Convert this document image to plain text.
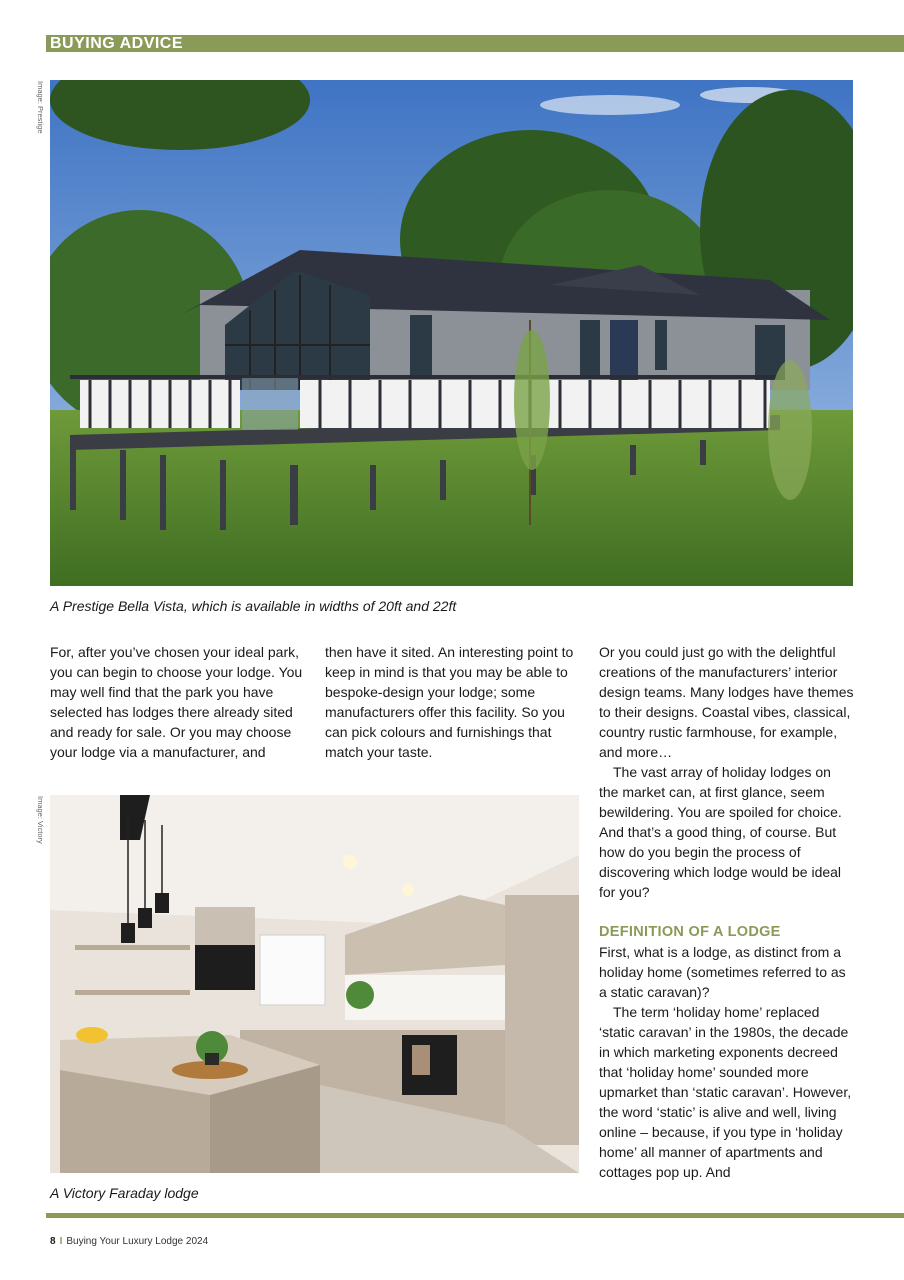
BUYING ADVICE
Image: Prestige
A Prestige Bella Vista, which is available in widths of 20ft and 22ft

For, after you’ve chosen your ideal park, you can begin to choose your lodge. You may well find that the park you have selected has lodges there already sited and ready for sale. Or you may choose your lodge via a manufacturer, and

then have it sited. An interesting point to keep in mind is that you may be able to bespoke-design your lodge; some manufacturers offer this facility. So you can pick colours and furnishings that match your taste.

Or you could just go with the delightful creations of the manufacturers’ interior design teams. Many lodges have themes to their designs. Coastal vibes, classical, country rustic farmhouse, for example, and more…

The vast array of holiday lodges on the market can, at first glance, seem bewildering. You are spoiled for choice. And that’s a good thing, of course. But how do you begin the process of discovering which lodge would be ideal for you?

DEFINITION OF A LODGE

First, what is a lodge, as distinct from a holiday home (sometimes referred to as a static caravan)?

The term ‘holiday home’ replaced ‘static caravan’ in the 1980s, the decade in which marketing exponents decreed that ‘holiday home’ sounded more upmarket than ‘static caravan’. However, the word ‘static’ is alive and well, living online – because, if you type in ‘holiday home’ all manner of apartments and cottages pop up. And

Image: Victory
A Victory Faraday lodge
8 I Buying Your Luxury Lodge 2024
